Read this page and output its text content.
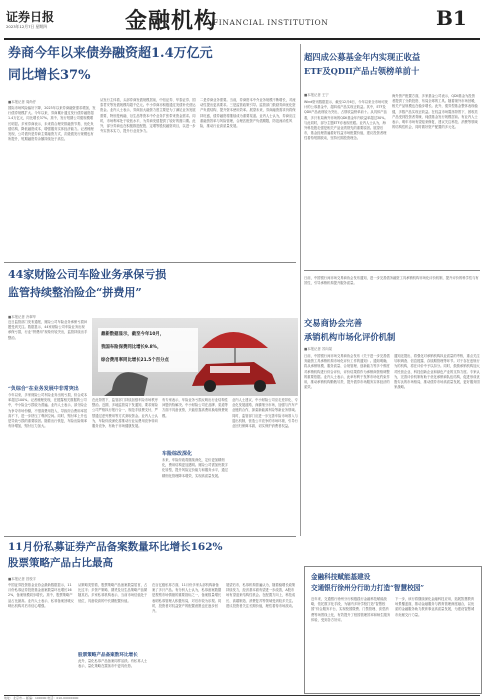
证券日报
2023年12月7日 星期四	金融机构
FINANCIAL INSTITUTION	B1
券商今年以来债券融资超1.4万亿元
同比增长37%
■本报记者 周尚伃
国际市场风险偏好下降，2023年以来券商融资需求增加，发行债券规模扩大。今年以来，券商累计通过发行债券融资超1.4万亿元，同比增长37%。其中，发行短期公司债规模增长明显。多家券商表示，未来将合理安排融资节奏，优化负债结构，降低融资成本，增强服务实体经济能力。记者梳理发现，公司债仍是券商主要融资方式，次级债发行规模也有所提升，短期融资券余额持续处于高位。
从发行主体看，头部券商发债规模居前，中信证券、华泰证券、国泰君安等发债规模均超千亿元。中小券商亦积极通过发债补充营运资金。业内人士表示，券商加大融资力度主要是为了满足业务发展需要，特别是两融、衍生品等资本中介业务扩张带来资金需求。同时，市场利率处于较低水平，为券商发债提供了较好的窗口期。此外，部分券商也在积极推进配股、定增等股权融资项目，以进一步夯实资本实力，提升行业竞争力。
二是券商业务需要。当前，券商资本中介业务规模不断增长，对流动性提出更高要求。三是监管政策引导。监管部门鼓励券商优化资产负债结构，提升资本使用效率。展望未来，券商融资需求仍将保持旺盛，债券融资将继续成为重要渠道。业内人士认为，券商应注重融资效率与风险管理，合理匹配资产负债期限，防范流动性风险，推动行业高质量发展。
超四成公募基金年内实现正收益
ETF及QDII产品占领榜单前十
■本报记者 王宁
Wind资讯数据显示，截至12月6日，今年以来全市场可统计的公募基金中，超四成产品实现正收益。其中，ETF及QDII产品表现较为突出，占领收益榜单前十。从具体产品看，多只布局海外市场的QDII基金年内收益率超过30%。与此同时，部分主题ETF亦表现亮眼。业内人士认为，海外科技股走强是相关产品业绩领先的重要原因。展望后市，基金经理普遍看好权益市场配置价值，建议投资者理性看待短期波动，坚持长期投资理念。
海外资产配置方面，多家基金公司表示，QDII基金为投资者提供了分散投资、布局全球的工具。随着境外市场回暖，相关产品规模也在稳步增长。此外，债券型基金整体表现稳健，多数产品实现正收益。在权益市场震荡背景下，固收类产品受到投资者青睐，纯债基金发行规模居前。有业内人士表示，明年市场有望迎来修复，建议关注科技、消费等领域的结构性机会，同时做好资产配置的多元化。
44家财险公司车险业务承保亏损
监管持续整治险企“拼费用”
■本报记者 冷翠华
近日监管部门发布通报，财险公司车险业务承保亏损问题受到关注。数据显示，44家财险公司车险业务出现承保亏损，行业“拼费用”现象仍较突出，监管持续出手整治。
最新数据显示，截至今年10月，
我国车险保费同比增长9.8%，
综合费用率同比增长21.5个百分点
“负综合”在业务发展中非常突出
今年以来，多家财险公司车险业务出现亏损，综合成本率超过100%。记者梳理发现，在披露相关数据的公司中，中小险企亏损较为普遍。业内人士表示，部分险企为争夺市场份额，不惜高费用投入，导致综合费用率居高不下，进一步挤压了利润空间。同时，赔付率上升也是导致亏损的重要原因。随着出行恢复，车险出险频率有所增加，赔付压力加大。
在此背景下，监管部门持续加强车险市场秩序整治。近期，多地监管局下发通知，要求财险公司严格执行报行合一，规范手续费支付，严禁通过虚列费用等方式套取资金。业内人士认为，车险综改深化将推动行业从费用竞争转向服务竞争，有助于市场健康发展。
车险综改深化
有专家表示，车险业务亏损反映出行业结构性问题仍待解决。中小财险公司在品牌、渠道等方面不具备优势，只能依靠高费用换取保费规模。
未来，车险综改将继续深化，定价更加精细化，费用结构更加透明。财险公司需加快数字化转型，提升风险定价能力和服务水平，通过精细化管理降本增效，实现高质量发展。
业内人士建议，中小财险公司应走差异化、专业化发展道路，深耕细分市场，加强与汽车产业链的合作，探索新能源车险等新业务领域。同时，监管部门应进一步完善车险市场准入与退出机制，营造公平竞争的市场环境，引导行业回归保障本源，切实保护消费者权益。
日前，中国银行间市场交易商协会发布通知，进一步完善债务融资工具承销机构市场化评价机制，提升评价的科学性与有效性，引导承销机构提升服务质量。
交易商协会完善
承销机构市场化评价机制
■本报记者 苏向杲
日前，中国银行间市场交易商协会发布《关于进一步完善债务融资工具承销机构市场化评价工作的通知》。通知明确，将从承销规模、服务质量、合规管理、创新能力等多个维度对承销机构进行综合评价，评价结果将作为承销商资格调整的重要依据。业内人士表示，此举有利于发挥市场化约束作用，推动承销机构勤勉尽责，提升债券市场服务实体经济的质效。
通知还提出，将强化对承销机构执业质量的考核，重点关注尽职调查、信息披露、存续期管理等环节。对于存在违规行为的机构，将在评价中予以扣分。同时，鼓励承销机构加大对民营企业、科技创新企业和绿色产业的支持力度。专家认为，完善评价机制有助于优化承销商队伍结构，促进形成优胜劣汰的市场格局，推动债券市场高质量发展，更好服务国家战略。
11月份私募证券产品备案数量环比增长162%
股票策略产品占比最高
■本报记者 昌校宇
中国证券投资基金业协会最新数据显示，11月份私募证券投资基金备案数量环比增长162%，备案规模同步增长。其中，股票策略产品占比最高。业内人士表示，私募备案回暖反映出机构对后市信心增强。
股票策略产品备案数环比增长
从策略类型看，股票策略产品备案数量居首，占比过半；多资产策略、期货及衍生品策略产品紧随其后。多家私募机构表示，当前市场估值处于低位，具备较高的中长期配置价值。
此外，量化私募产品备案同样活跃。有私募人士表示，量化策略在震荡市中更具优势。
在百亿级私募方面，11月份多家头部机构新备案了多只产品。有分析人士认为，私募备案数据是观察市场情绪的重要指标之一，备案数量增长表明私募管理人积极布局，对后市较为乐观。同时，投资者对权益资产的配置意愿也在逐步回升。
展望后市，私募机构普遍认为，随着稳增长政策持续发力，经济基本面有望进一步改善，A股市场有望迎来结构性机会。在配置方向上，科技成长、高端制造、消费复苏等领域受到较多关注。建议投资者关注长期价值，理性看待市场波动。
金融科技赋能基建设
交通银行徐州分行助力打造“智慧校园”
近年来，交通银行徐州分行积极践行金融科技赋能战略，依托数字化手段，为辖内多所学校打造“智慧校园”综合服务平台，实现校园缴费、门禁管理、食堂消费等场景线上化，有效提升了校园管理效率和师生服务体验，受到各方好评。
下一步，该行将继续深化金融科技应用，拓展智慧教育场景覆盖面，推动金融服务与教育管理深度融合，以优质的金融服务助力教育事业高质量发展，为建设智慧城市贡献交行力量。
地址：北京市… 邮编：100000 电话：010-00000000
